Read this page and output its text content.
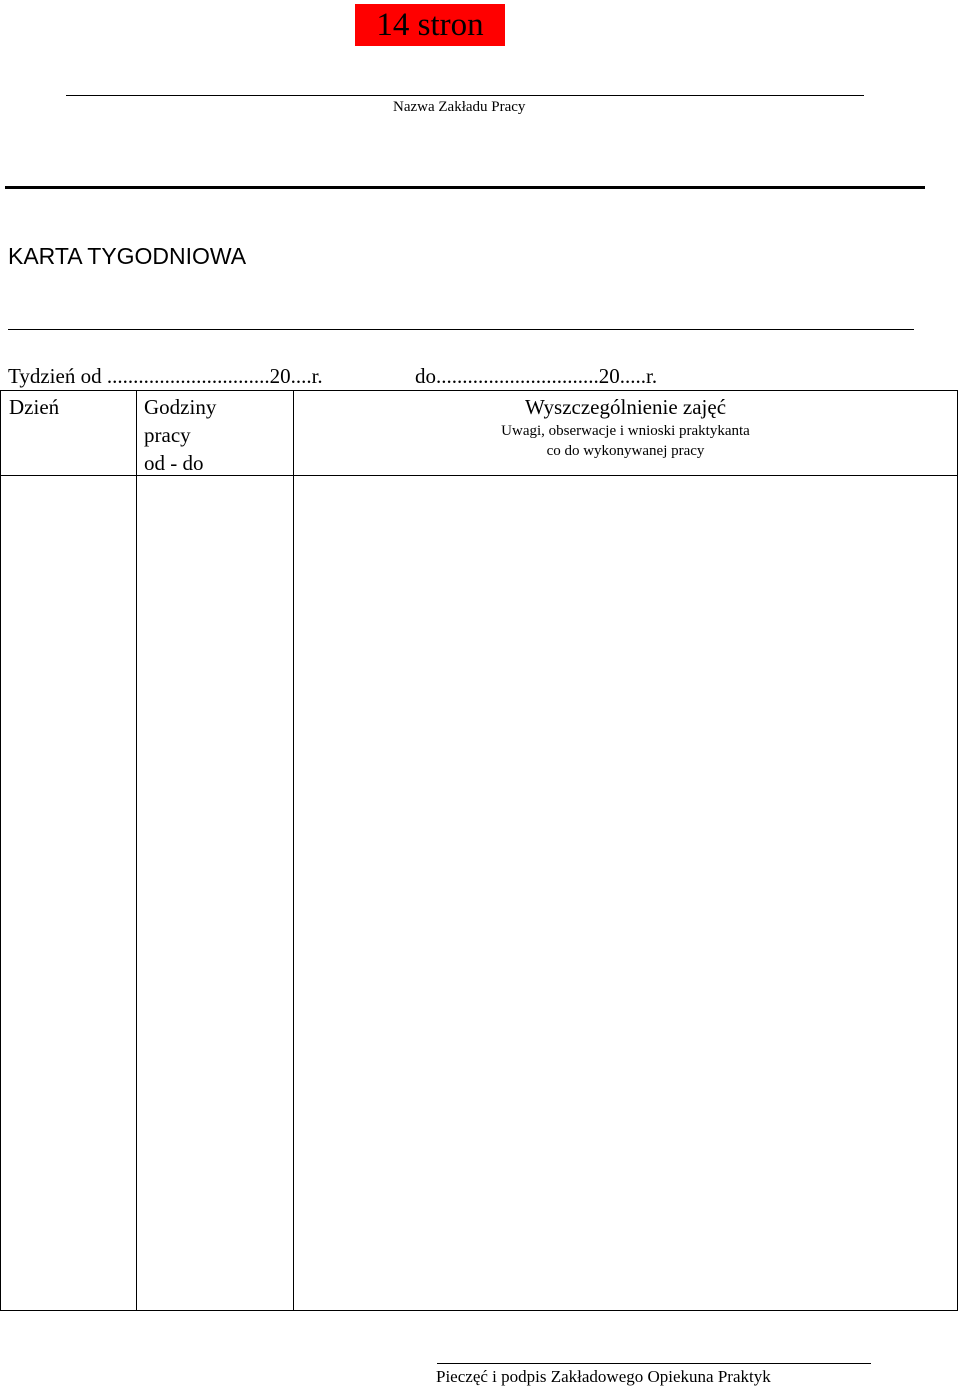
14 stron
Nazwa Zakładu Pracy
KARTA TYGODNIOWA
Tydzień od ...............................20....r.	do...............................20.....r.
Dzień	Godziny
pracy
od - do
Wyszczególnienie zajęć
Uwagi, obserwacje i wnioski praktykanta
co do wykonywanej pracy
Pieczęć i podpis Zakładowego Opiekuna Praktyk
